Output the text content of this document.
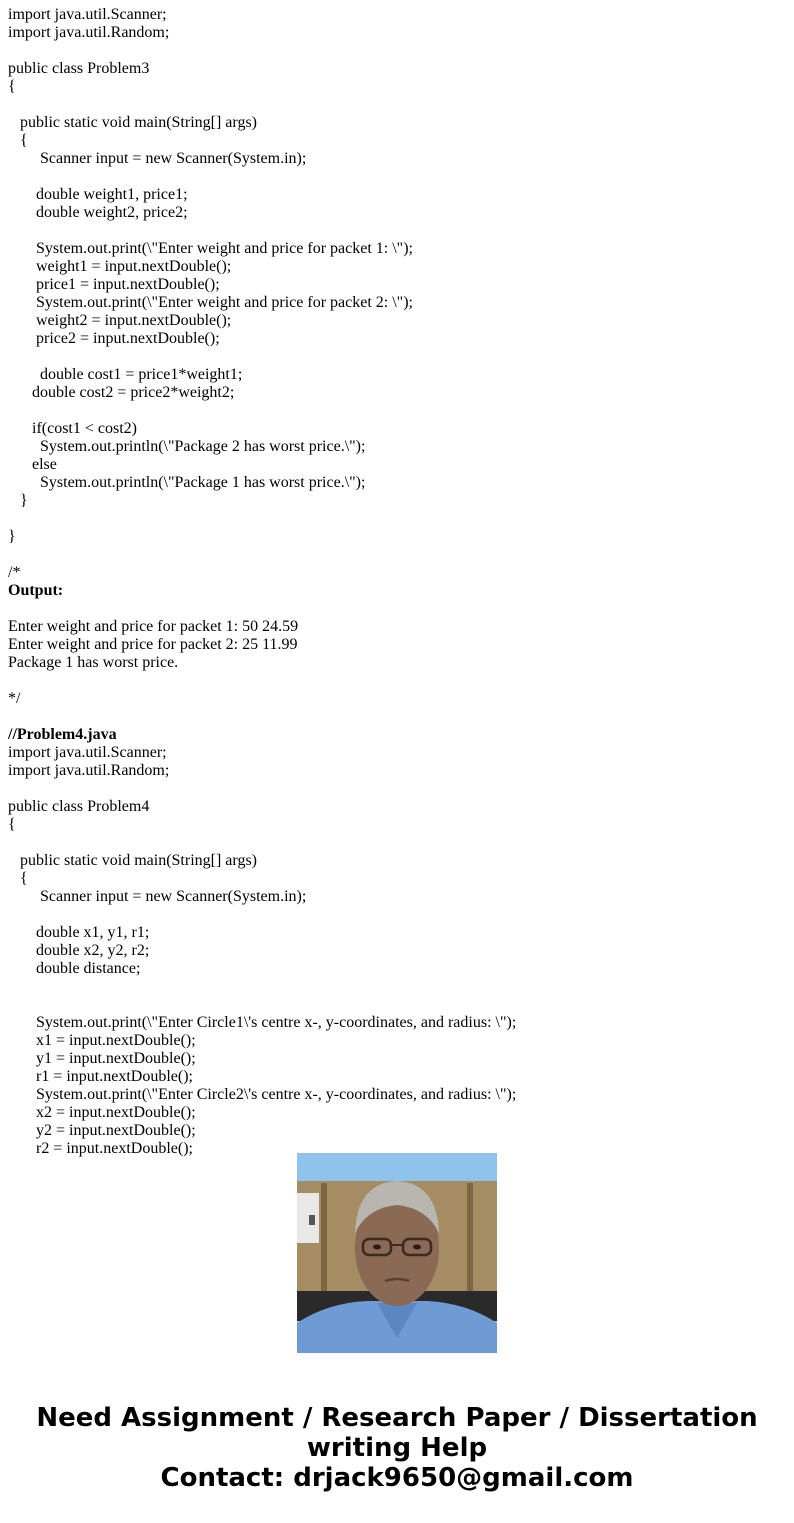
import java.util.Scanner;
import java.util.Random;
public class Problem3
{
public static void main(String[] args)
{
Scanner input = new Scanner(System.in);
double weight1, price1;
double weight2, price2;
System.out.print(\"Enter weight and price for packet 1: \");
weight1 = input.nextDouble();
price1 = input.nextDouble();
System.out.print(\"Enter weight and price for packet 2: \");
weight2 = input.nextDouble();
price2 = input.nextDouble();
double cost1 = price1*weight1;
double cost2 = price2*weight2;
if(cost1 < cost2)
System.out.println(\"Package 2 has worst price.\");
else
System.out.println(\"Package 1 has worst price.\");
}
}
/*
Output:
Enter weight and price for packet 1: 50 24.59
Enter weight and price for packet 2: 25 11.99
Package 1 has worst price.
*/
//Problem4.java
import java.util.Scanner;
import java.util.Random;
public class Problem4
{
public static void main(String[] args)
{
Scanner input = new Scanner(System.in);
double x1, y1, r1;
double x2, y2, r2;
double distance;
System.out.print(\"Enter Circle1\'s centre x-, y-coordinates, and radius: \");
x1 = input.nextDouble();
y1 = input.nextDouble();
r1 = input.nextDouble();
System.out.print(\"Enter Circle2\'s centre x-, y-coordinates, and radius: \");
x2 = input.nextDouble();
y2 = input.nextDouble();
r2 = input.nextDouble();
Need Assignment / Research Paper / Dissertation
writing Help
Contact: drjack9650@gmail.com
